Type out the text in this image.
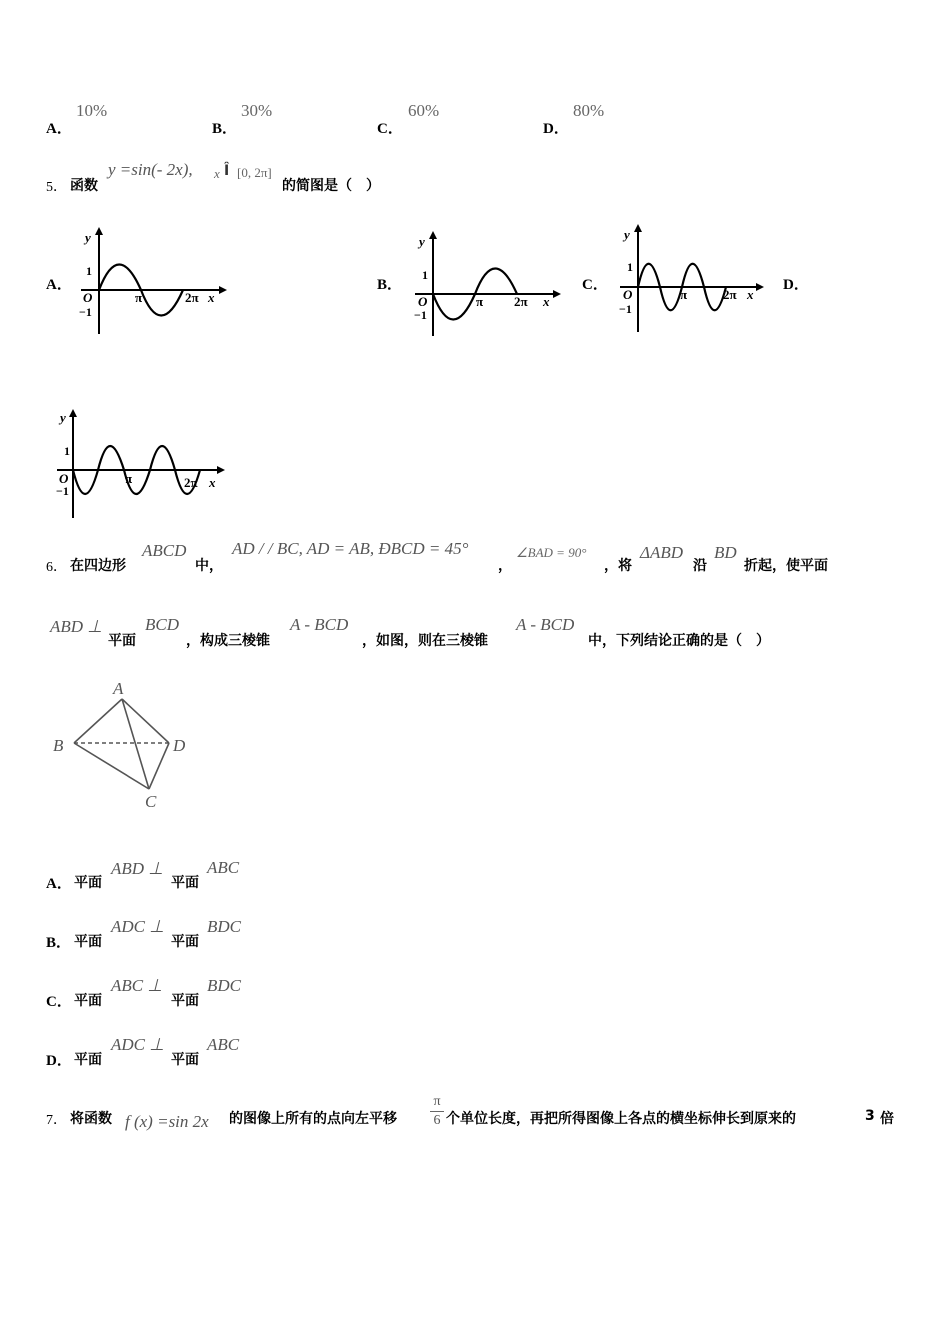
A．
10%
B．
30%
C．
60%
D．
80%
5． 函数
y =sin(- 2x), x Î [0, 2π]
的简图是（　）
A．	B．	C．	D．
y
1
O
−1
π	2π x
y
1
O
−1
π 2π x
y
1
O
−1
π	2π x
y
1
O
−1
π	2π x
6． 在四边形
ABCD
中，
AD / / BC, AD = AB, ÐBCD = 45°
，
∠BAD = 90°
，将
ΔABD
沿
BD
折起，使平面
ABD ⊥
平面
BCD
，构成三棱锥
A - BCD
，如图，则在三棱锥
A - BCD
中，下列结论正确的是（　）
A
B	D
C
A． 平面
ABD ⊥
平面
ABC
B． 平面
ADC ⊥
平面
BDC
C． 平面
ABC ⊥
平面
BDC
D． 平面
ADC ⊥
平面
ABC
7． 将函数 f (x) =sin 2x 的图像上所有的点向左平移
π
6 个单位长度，再把所得图像上各点的横坐标伸长到原来的	3 倍
